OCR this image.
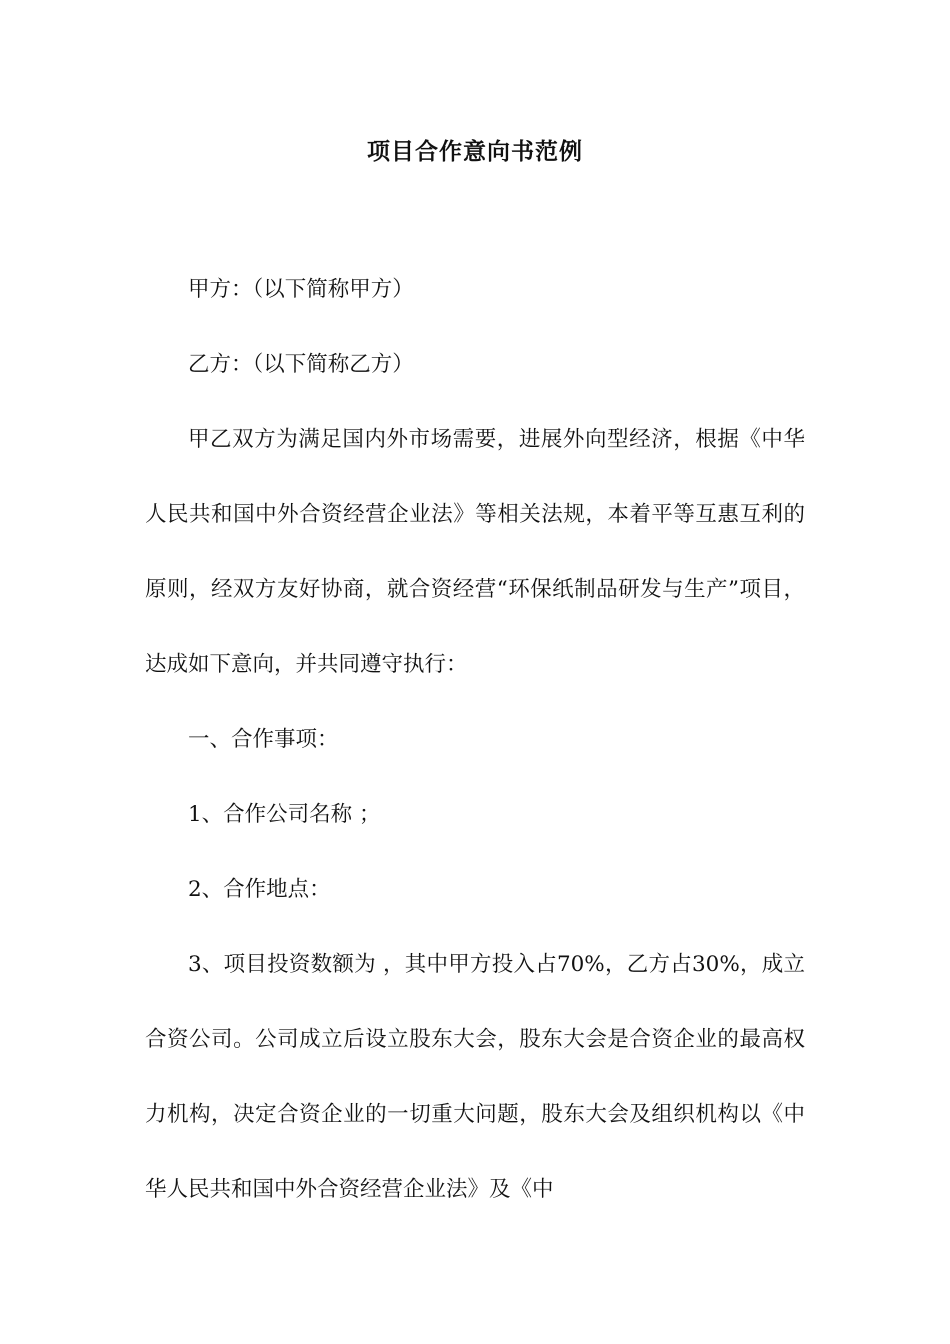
项目合作意向书范例

甲方：（以下简称甲方）

乙方：（以下简称乙方）

甲乙双方为满足国内外市场需要，进展外向型经济，根据《中华人民共和国中外合资经营企业法》等相关法规，本着平等互惠互利的原则，经双方友好协商，就合资经营“环保纸制品研发与生产”项目，达成如下意向，并共同遵守执行：

一、合作事项：

1、合作公司名称 ；

2、合作地点：

3、项目投资数额为 ，其中甲方投入占70%，乙方占30%，成立合资公司。公司成立后设立股东大会，股东大会是合资企业的最高权力机构，决定合资企业的一切重大问题，股东大会及组织机构以《中华人民共和国中外合资经营企业法》及《中
